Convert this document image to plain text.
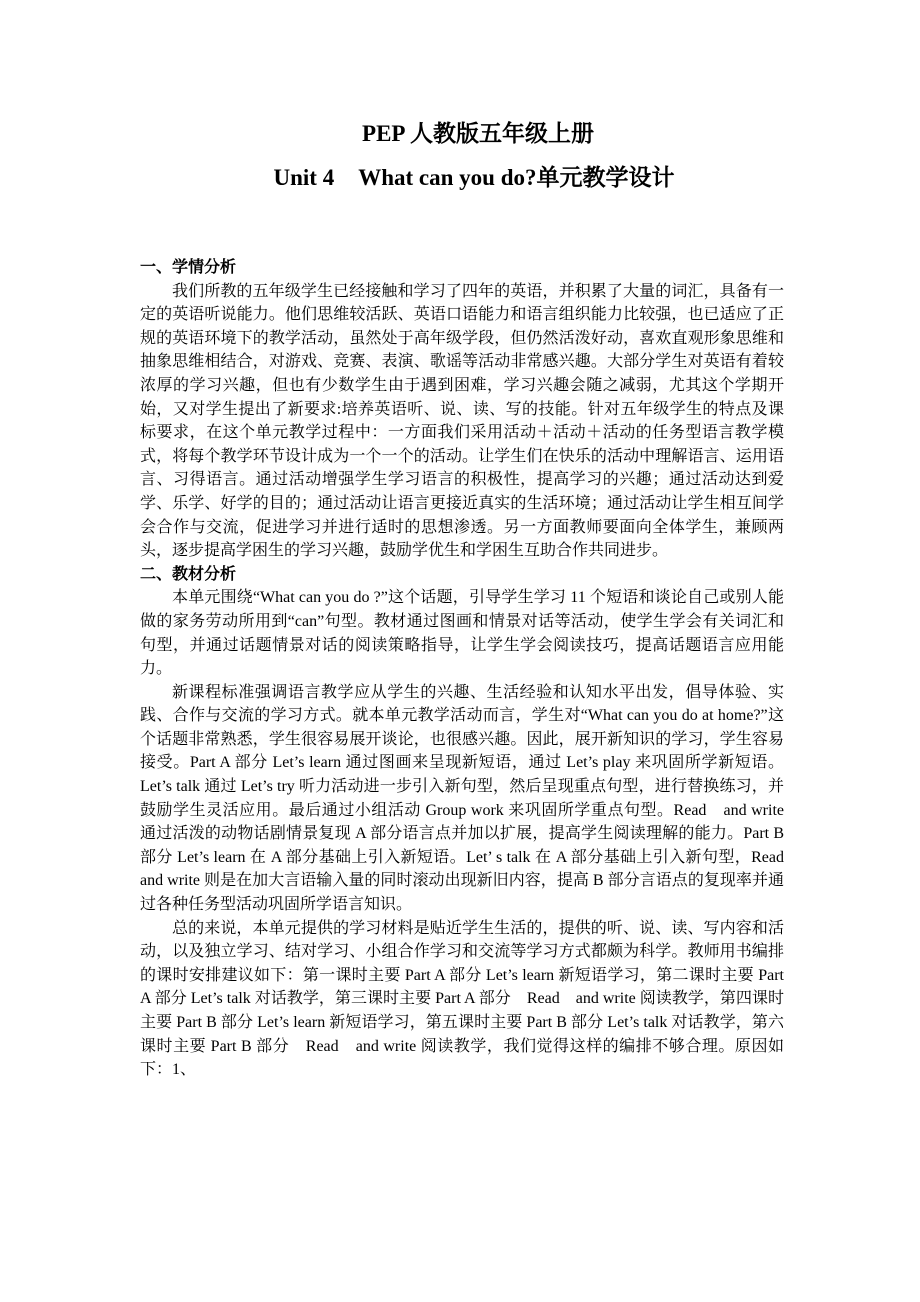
PEP 人教版五年级上册
Unit 4 What can you do?单元教学设计
一、学情分析

我们所教的五年级学生已经接触和学习了四年的英语，并积累了大量的词汇，具备有一定的英语听说能力。他们思维较活跃、英语口语能力和语言组织能力比较强，也已适应了正规的英语环境下的教学活动，虽然处于高年级学段，但仍然活泼好动，喜欢直观形象思维和抽象思维相结合，对游戏、竞赛、表演、歌谣等活动非常感兴趣。大部分学生对英语有着较浓厚的学习兴趣，但也有少数学生由于遇到困难，学习兴趣会随之减弱，尤其这个学期开始，又对学生提出了新要求:培养英语听、说、读、写的技能。针对五年级学生的特点及课标要求，在这个单元教学过程中：一方面我们采用活动＋活动＋活动的任务型语言教学模式，将每个教学环节设计成为一个一个的活动。让学生们在快乐的活动中理解语言、运用语言、习得语言。通过活动增强学生学习语言的积极性，提高学习的兴趣；通过活动达到爱学、乐学、好学的目的；通过活动让语言更接近真实的生活环境；通过活动让学生相互间学会合作与交流，促进学习并进行适时的思想渗透。另一方面教师要面向全体学生，兼顾两头，逐步提高学困生的学习兴趣，鼓励学优生和学困生互助合作共同进步。

二、教材分析

本单元围绕“What can you do ?”这个话题，引导学生学习 11 个短语和谈论自己或别人能做的家务劳动所用到“can”句型。教材通过图画和情景对话等活动，使学生学会有关词汇和句型，并通过话题情景对话的阅读策略指导，让学生学会阅读技巧，提高话题语言应用能力。

新课程标准强调语言教学应从学生的兴趣、生活经验和认知水平出发，倡导体验、实践、合作与交流的学习方式。就本单元教学活动而言，学生对“What can you do at home?”这个话题非常熟悉，学生很容易展开谈论，也很感兴趣。因此，展开新知识的学习，学生容易接受。Part A 部分 Let’s learn 通过图画来呈现新短语，通过 Let’s play 来巩固所学新短语。Let’s talk 通过 Let’s try 听力活动进一步引入新句型，然后呈现重点句型，进行替换练习，并鼓励学生灵活应用。最后通过小组活动 Group work 来巩固所学重点句型。Read　and write 通过活泼的动物话剧情景复现 A 部分语言点并加以扩展，提高学生阅读理解的能力。Part B 部分 Let’s learn 在 A 部分基础上引入新短语。Let’ s talk 在 A 部分基础上引入新句型，Read　and write 则是在加大言语输入量的同时滚动出现新旧内容，提高 B 部分言语点的复现率并通过各种任务型活动巩固所学语言知识。

总的来说，本单元提供的学习材料是贴近学生生活的，提供的听、说、读、写内容和活动，以及独立学习、结对学习、小组合作学习和交流等学习方式都颇为科学。教师用书编排的课时安排建议如下：第一课时主要 Part A 部分 Let’s learn 新短语学习，第二课时主要 Part A 部分 Let’s talk 对话教学，第三课时主要 Part A 部分　Read　and write 阅读教学，第四课时主要 Part B 部分 Let’s learn 新短语学习，第五课时主要 Part B 部分 Let’s talk 对话教学，第六课时主要 Part B 部分　Read　and write 阅读教学，我们觉得这样的编排不够合理。原因如下：1、
